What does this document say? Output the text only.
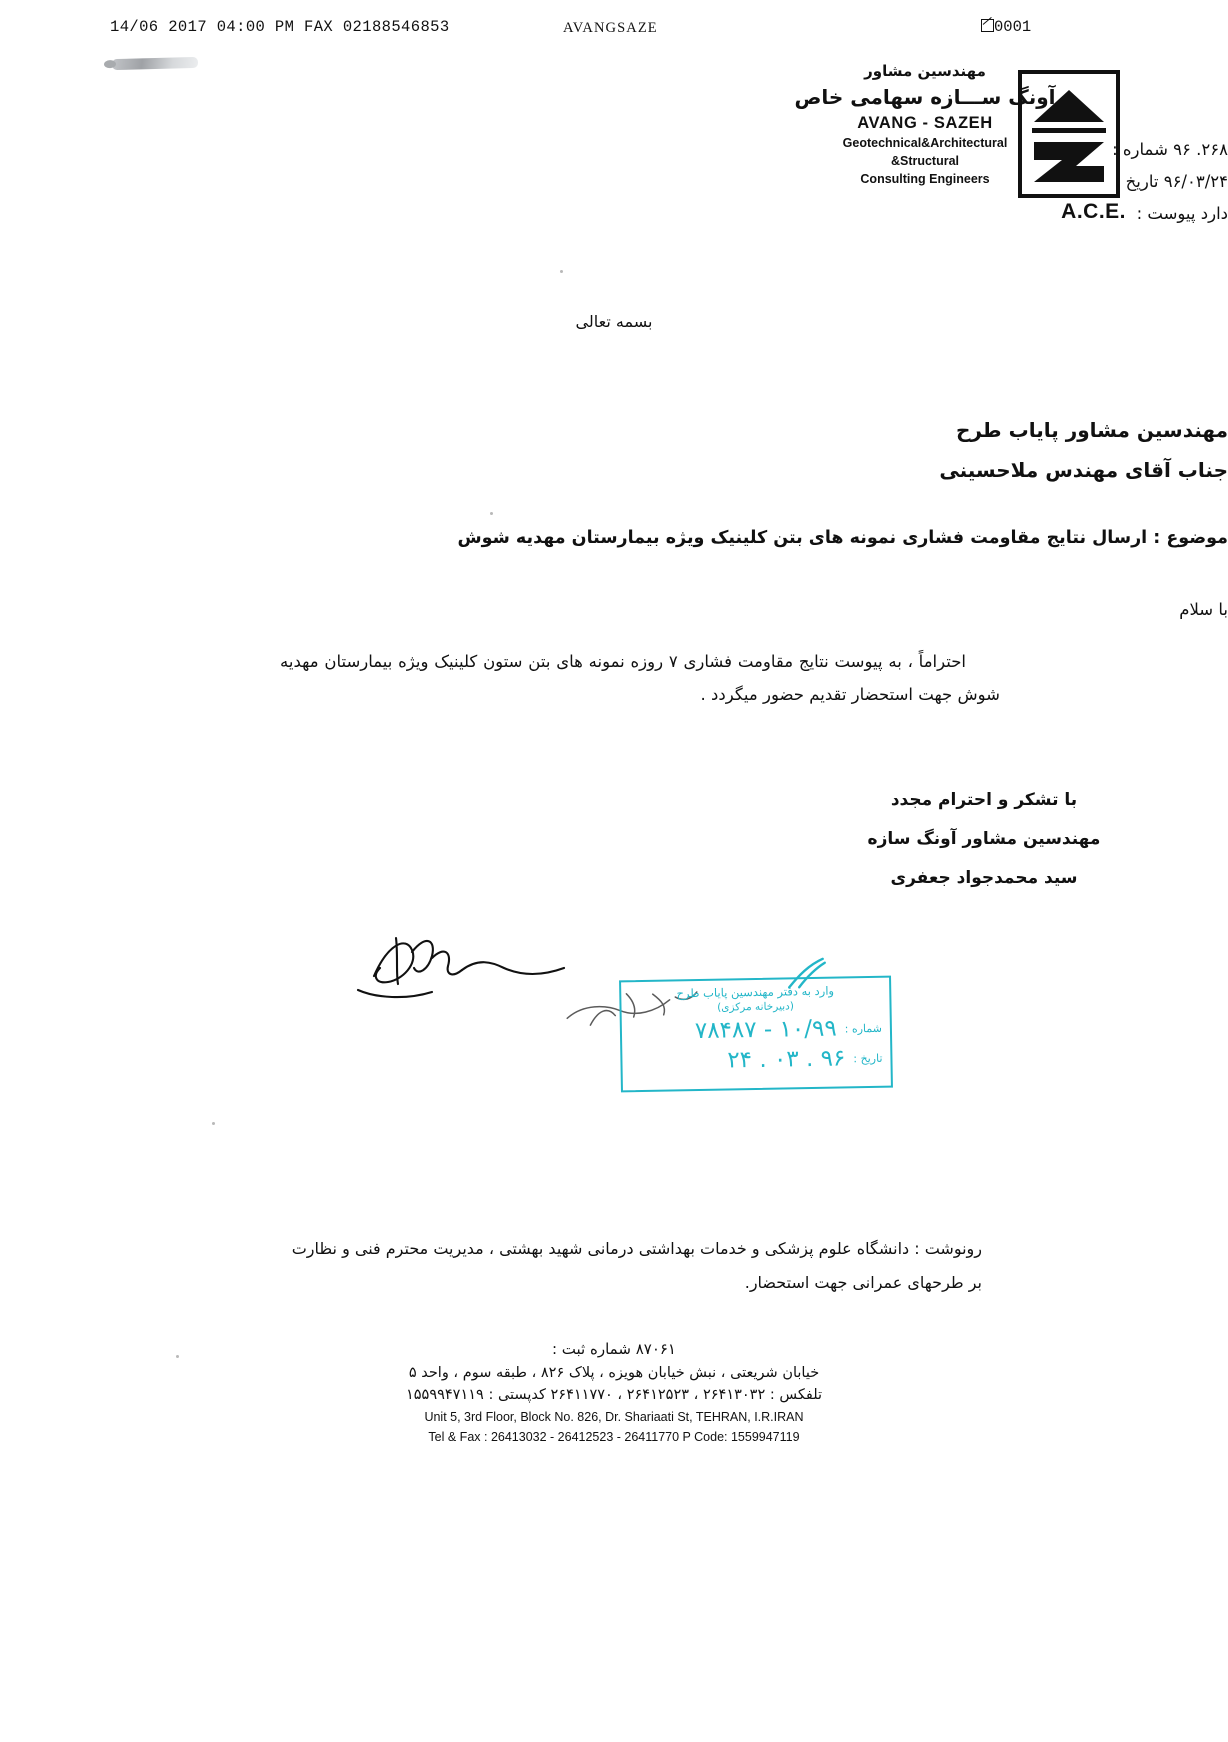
14/06 2017 04:00 PM FAX 02188546853	AVANGSAZE	0001
مهندسین مشاور
آونگ ســـازه سهامی خاص
AVANG - SAZEH
Geotechnical&Architectural
&Structural
Consulting Engineers
A.C.E.
۲۶۸. ۹۶ شماره :
۹۶/۰۳/۲۴ تاریخ :
دارد پیوست :
بسمه تعالی
مهندسین مشاور پایاب طرح
جناب آقای مهندس ملاحسینی
موضوع : ارسال نتایج مقاومت فشاری نمونه های بتن کلینیک ویژه بیمارستان مهدیه شوش
با سلام
احتراماً ، به پیوست نتایج مقاومت فشاری ۷ روزه نمونه های بتن ستون کلینیک ویژه بیمارستان مهدیه شوش جهت استحضار تقدیم حضور میگردد .
با تشکر و احترام مجدد
مهندسین مشاور آونگ سازه
سید محمدجواد جعفری
وارد به دفتر مهندسین پایاب طرح
(دبیرخانه مرکزی)
شماره :
۱۰/۹۹ - ۷۸۴۸۷
تاریخ :
۹۶ . ۰۳ . ۲۴
رونوشت : دانشگاه علوم پزشکی و خدمات بهداشتی درمانی شهید بهشتی ، مدیریت محترم فنی و نظارت
بر طرحهای عمرانی جهت استحضار.
۸۷۰۶۱ شماره ثبت :
خیابان شریعتی ، نبش خیابان هویزه ، پلاک ۸۲۶ ، طبقه سوم ، واحد ۵
تلفکس : ۲۶۴۱۳۰۳۲ ، ۲۶۴۱۲۵۲۳ ، ۲۶۴۱۱۷۷۰ کدپستی : ۱۵۵۹۹۴۷۱۱۹
Unit 5, 3rd Floor, Block No. 826, Dr. Shariaati St, TEHRAN, I.R.IRAN
Tel & Fax : 26413032 - 26412523 - 26411770 P Code: 1559947119
